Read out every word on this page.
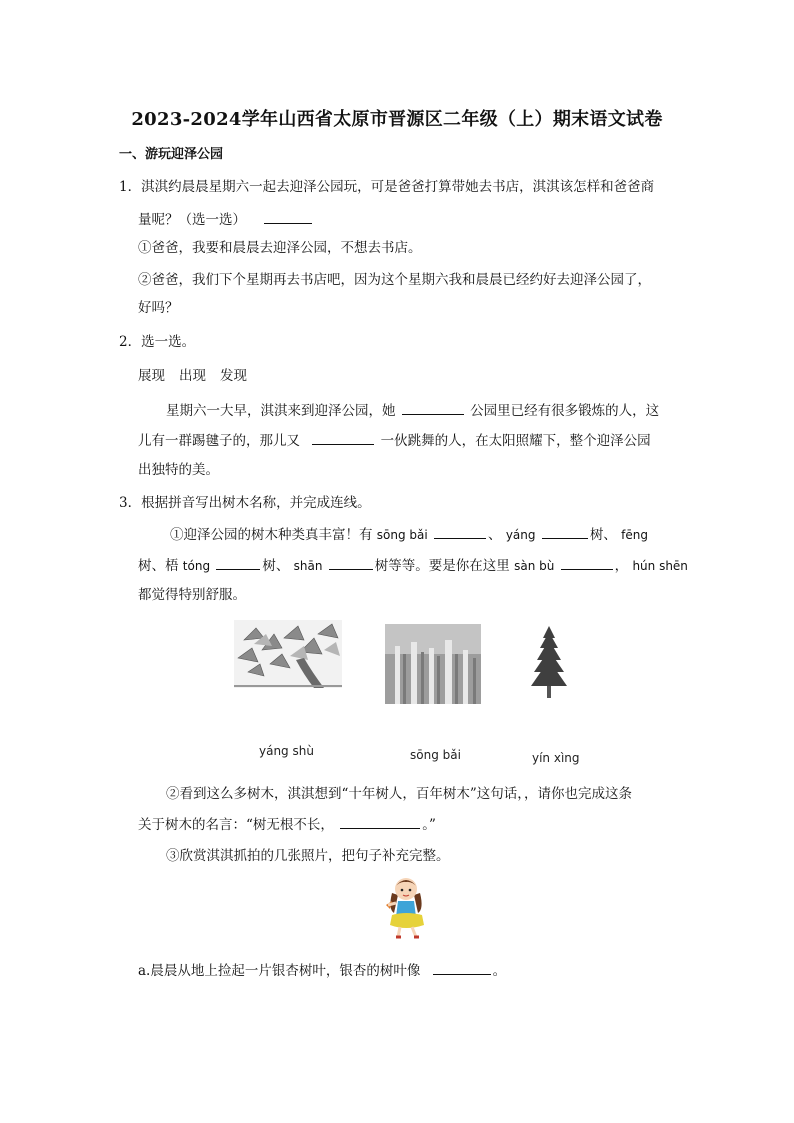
2023-2024学年山西省太原市晋源区二年级（上）期末语文试卷
一、游玩迎泽公园
1．淇淇约晨晨星期六一起去迎泽公园玩，可是爸爸打算带她去书店，淇淇该怎样和爸爸商
量呢？（选一选）
①爸爸，我要和晨晨去迎泽公园，不想去书店。
②爸爸，我们下个星期再去书店吧，因为这个星期六我和晨晨已经约好去迎泽公园了，
好吗？
2．选一选。
展现 出现 发现
星期六一大早，淇淇来到迎泽公园，她	公园里已经有很多锻炼的人，这
儿有一群踢毽子的，那儿又	一伙跳舞的人，在太阳照耀下，整个迎泽公园
出独特的美。
3．根据拼音写出树木名称，并完成连线。
①迎泽公园的树木种类真丰富！有 sōng bǎi	、 yáng	树、 fēng
树、梧 tóng	树、 shān	树等等。要是你在这里 sàn bù	， hún shēn
都觉得特别舒服。
yáng shù	sōng bǎi	yín xìng
②看到这么多树木，淇淇想到“十年树人，百年树木”这句话，，请你也完成这条
关于树木的名言：“树无根不长，	。”
③欣赏淇淇抓拍的几张照片，把句子补充完整。
a.晨晨从地上捡起一片银杏树叶，银杏的树叶像	。
